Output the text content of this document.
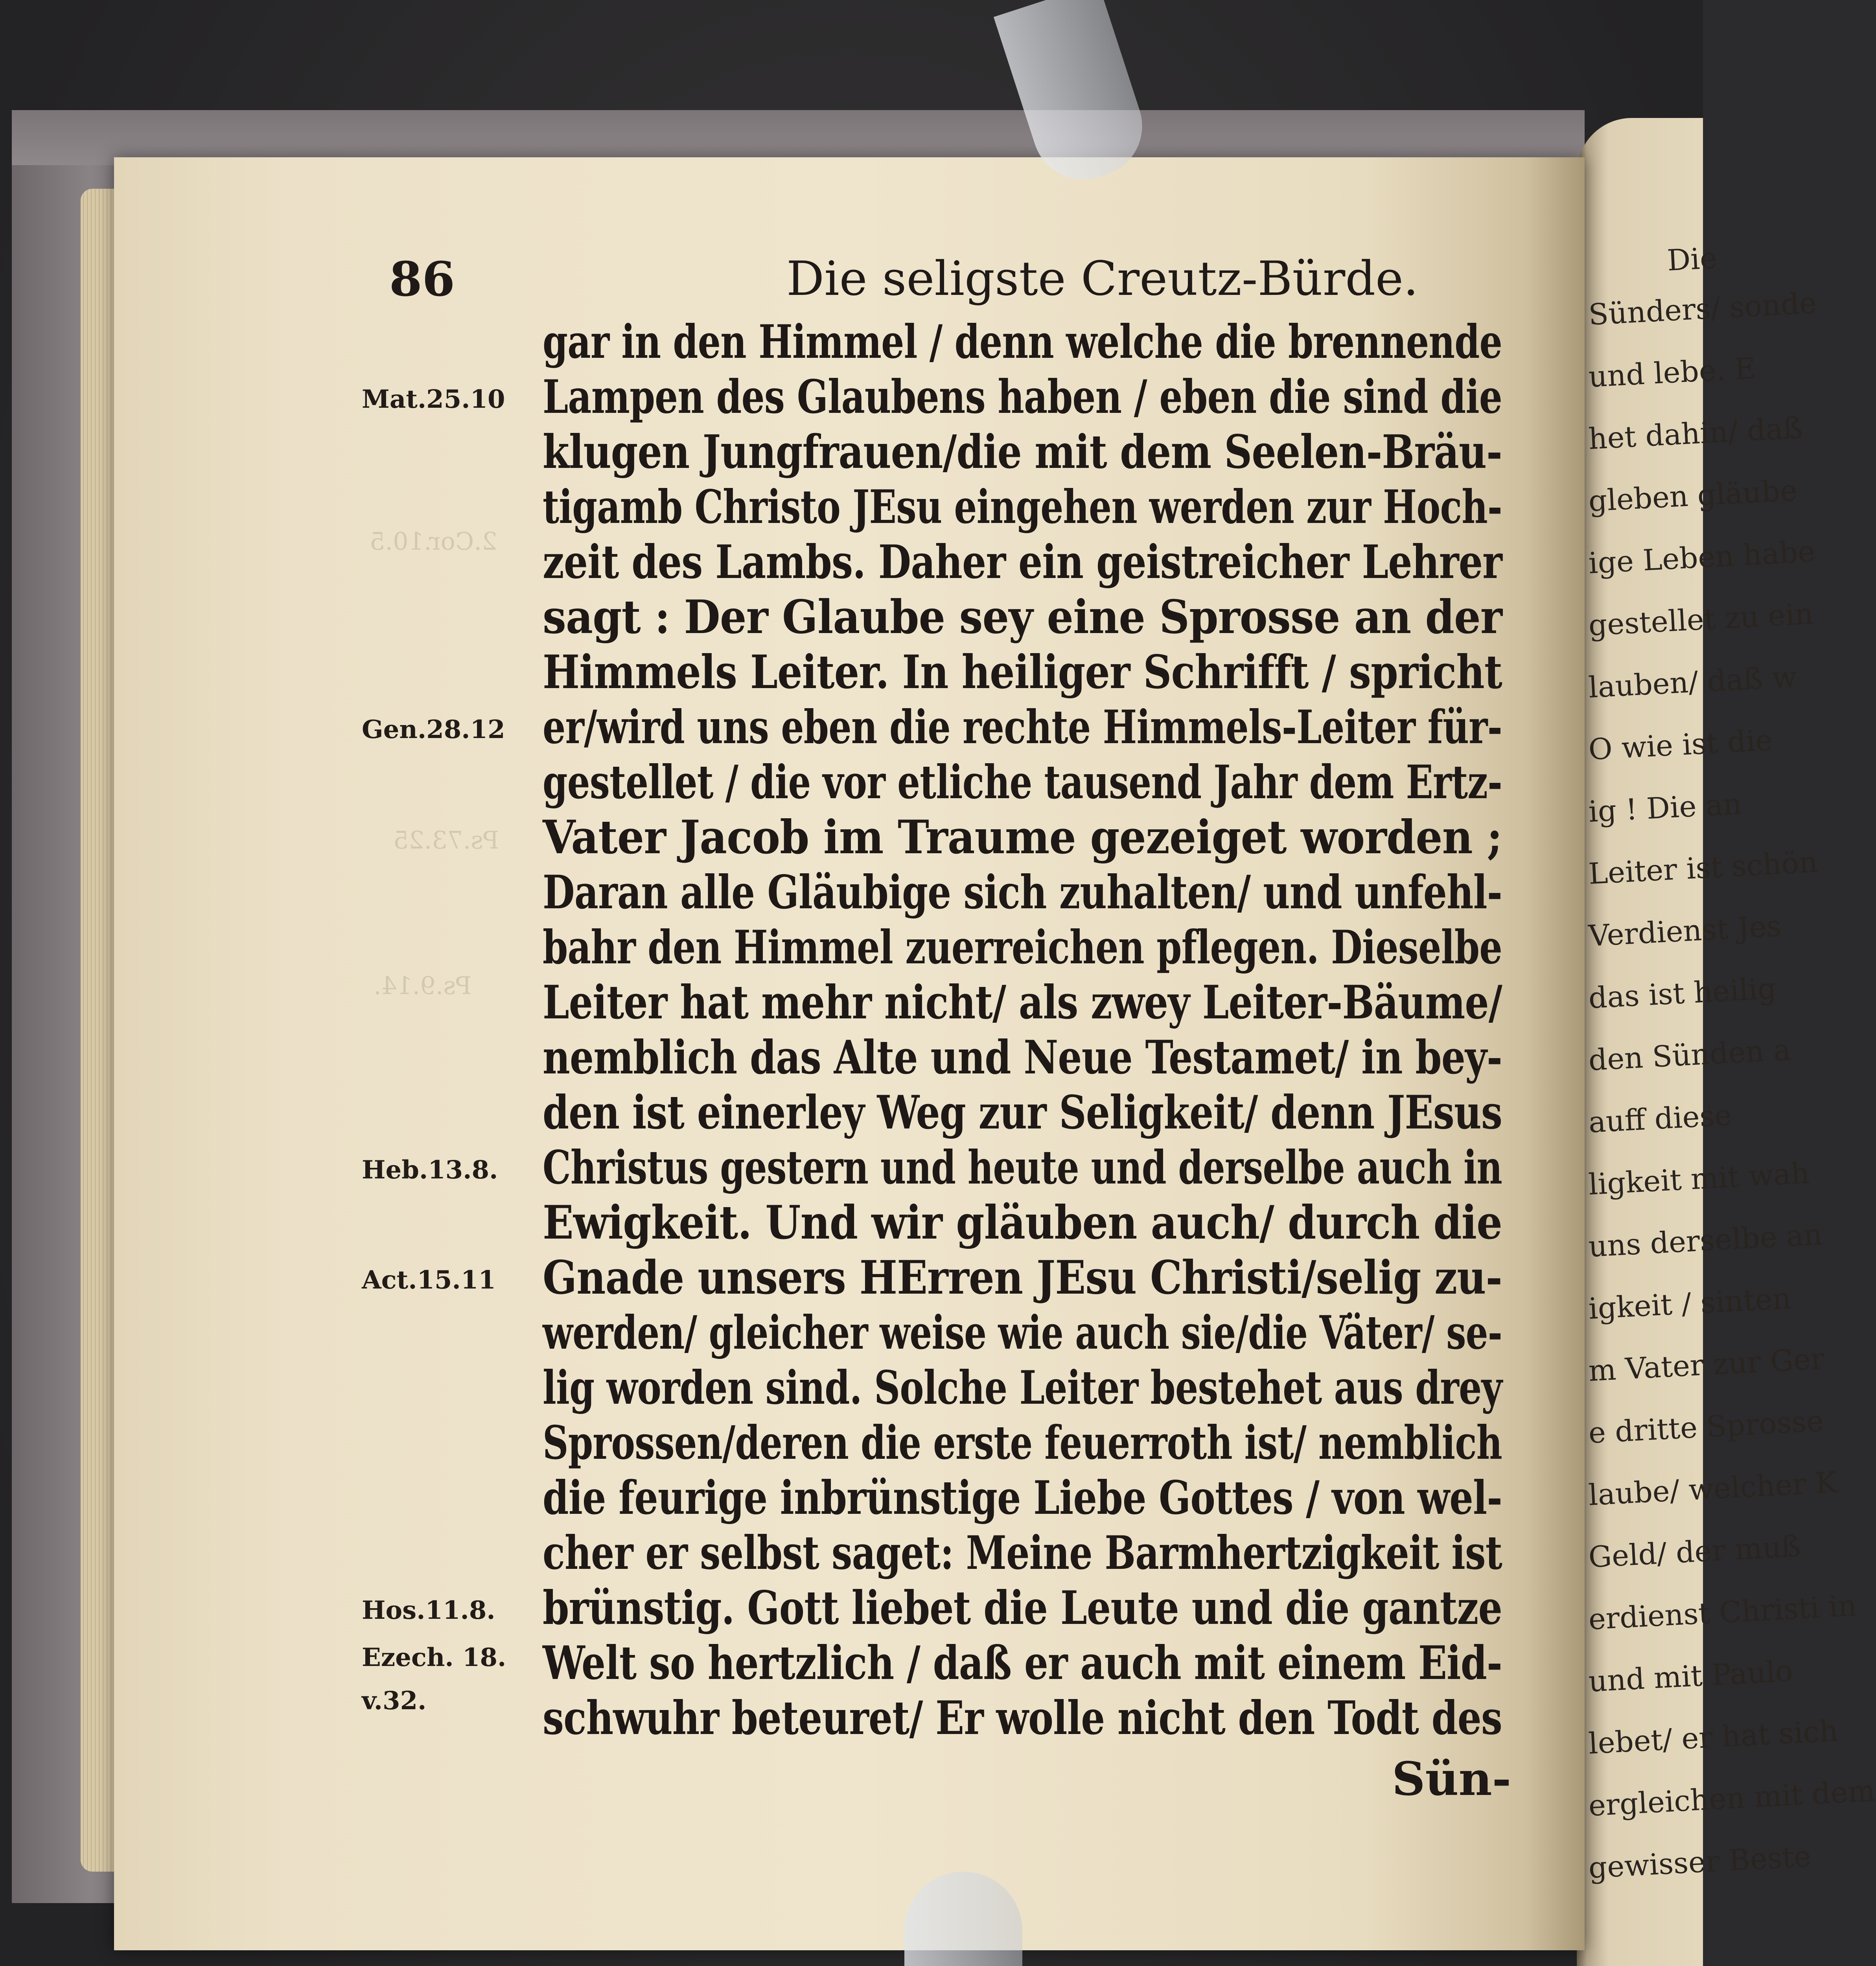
Die
Sünders/ sonde
und lebe. E
het dahin/ daß
gleben gläube
ige Leben habe
gestellet zu ein
lauben/ daß w
O wie ist die
ig ! Die an
Leiter ist schön
Verdienst Jes
das ist heilig
den Sünden a
auff diese
ligkeit mit wah
uns derselbe an
igkeit / sinten
m Vater zur Ger
e dritte Sprosse
laube/ welcher K
Geld/ der muß
erdienst Christi in
und mit Paulo
lebet/ er hat sich
ergleichen mit dem
gewisser Beste
2.Cor.10.5
Ps.73.25
Ps.9.14.
86	Die seligste Creutz-Bürde.
gar in den Himmel / denn welche die brennende
Lampen des Glaubens haben / eben die sind die
klugen Jungfrauen/die mit dem Seelen-Bräu-
tigamb Christo JEsu eingehen werden zur Hoch-
zeit des Lambs. Daher ein geistreicher Lehrer
sagt : Der Glaube sey eine Sprosse an der
Himmels Leiter. In heiliger Schrifft / spricht
er/wird uns eben die rechte Himmels-Leiter für-
gestellet / die vor etliche tausend Jahr dem Ertz-
Vater Jacob im Traume gezeiget worden ;
Daran alle Gläubige sich zuhalten/ und unfehl-
bahr den Himmel zuerreichen pflegen. Dieselbe
Leiter hat mehr nicht/ als zwey Leiter-Bäume/
nemblich das Alte und Neue Testamet/ in bey-
den ist einerley Weg zur Seligkeit/ denn JEsus
Christus gestern und heute und derselbe auch in
Ewigkeit. Und wir gläuben auch/ durch die
Gnade unsers HErren JEsu Christi/selig zu-
werden/ gleicher weise wie auch sie/die Väter/ se-
lig worden sind. Solche Leiter bestehet aus drey
Sprossen/deren die erste feuerroth ist/ nemblich
die feurige inbrünstige Liebe Gottes / von wel-
cher er selbst saget: Meine Barmhertzigkeit ist
brünstig. Gott liebet die Leute und die gantze
Welt so hertzlich / daß er auch mit einem Eid-
schwuhr beteuret/ Er wolle nicht den Todt des
Mat.25.10
Gen.28.12
Heb.13.8.
Act.15.11
Hos.11.8.
Ezech. 18.
v.32.
Sün-
